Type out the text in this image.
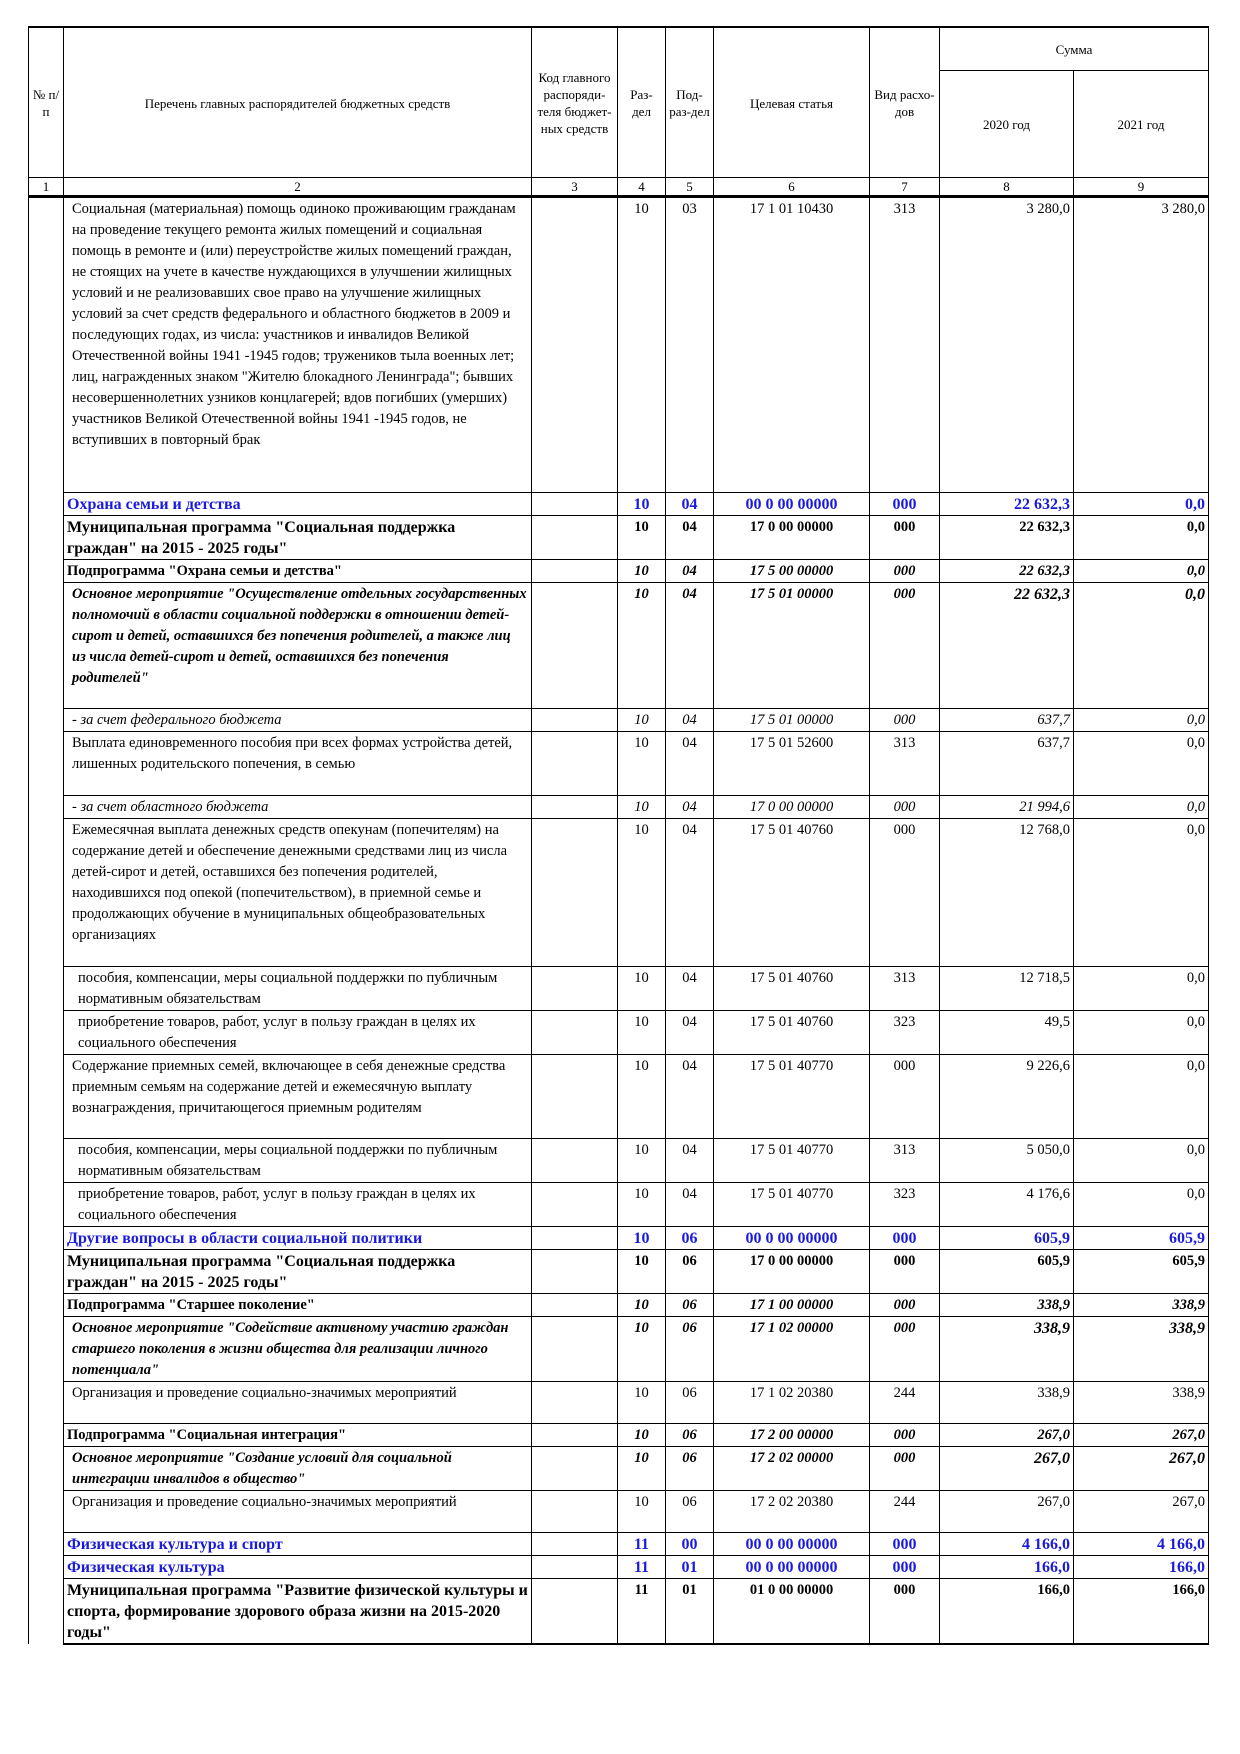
№ п/п	Перечень главных распорядителей бюджетных средств	Код главного распоряди-теля бюджет-ных средств	Раз-дел	Под-раз-дел	Целевая статья	Вид расхо-дов	Сумма	
							2020 год	2021 год
1	2	3	4	5	6	7	8	9
	Социальная (материальная) помощь одиноко проживающим гражданам на проведение текущего ремонта жилых помещений и социальная помощь в ремонте и (или) переустройстве жилых помещений граждан, не стоящих на учете в качестве нуждающихся в улучшении жилищных условий и не реализовавших свое право на улучшение жилищных условий за счет средств федерального и областного бюджетов в 2009 и последующих годах, из числа: участников и инвалидов Великой Отечественной войны 1941 -1945 годов; тружеников тыла военных лет; лиц, награжденных знаком "Жителю блокадного Ленинграда"; бывших несовершеннолетних узников концлагерей; вдов погибших (умерших) участников Великой Отечественной войны 1941 -1945 годов, не вступивших в повторный брак		10	03	17 1 01 10430	313	3 280,0	3 280,0
	Охрана семьи и детства		10	04	00 0 00 00000	000	22 632,3	0,0
	Муниципальная программа "Социальная поддержка граждан" на 2015 - 2025 годы"		10	04	17 0 00 00000	000	22 632,3	0,0
	Подпрограмма "Охрана семьи и детства"		10	04	17 5 00 00000	000	22 632,3	0,0
	Основное мероприятие "Осуществление отдельных государственных полномочий в области социальной поддержки в отношении детей-сирот и детей, оставшихся без попечения родителей, а также лиц из числа детей-сирот и детей, оставшихся без попечения родителей"		10	04	17 5 01 00000	000	22 632,3	0,0
	- за счет федерального бюджета		10	04	17 5 01 00000	000	637,7	0,0
	Выплата единовременного пособия при всех формах устройства детей, лишенных родительского попечения, в семью		10	04	17 5 01 52600	313	637,7	0,0
	- за счет областного бюджета		10	04	17 0 00 00000	000	21 994,6	0,0
	Ежемесячная выплата денежных средств опекунам (попечителям) на содержание детей и обеспечение денежными средствами лиц из числа детей-сирот и детей, оставшихся без попечения родителей, находившихся под опекой (попечительством), в приемной семье и продолжающих обучение в муниципальных общеобразовательных организациях		10	04	17 5 01 40760	000	12 768,0	0,0
	пособия, компенсации, меры социальной поддержки по публичным нормативным обязательствам		10	04	17 5 01 40760	313	12 718,5	0,0
	приобретение товаров, работ, услуг в пользу граждан в целях их социального обеспечения		10	04	17 5 01 40760	323	49,5	0,0
	Содержание приемных семей, включающее в себя денежные средства приемным семьям на содержание детей и ежемесячную выплату вознаграждения, причитающегося приемным родителям		10	04	17 5 01 40770	000	9 226,6	0,0
	пособия, компенсации, меры социальной поддержки по публичным нормативным обязательствам		10	04	17 5 01 40770	313	5 050,0	0,0
	приобретение товаров, работ, услуг в пользу граждан в целях их социального обеспечения		10	04	17 5 01 40770	323	4 176,6	0,0
	Другие вопросы в области социальной политики		10	06	00 0 00 00000	000	605,9	605,9
	Муниципальная программа "Социальная поддержка граждан" на 2015 - 2025 годы"		10	06	17 0 00 00000	000	605,9	605,9
	Подпрограмма "Старшее поколение"		10	06	17 1 00 00000	000	338,9	338,9
	Основное мероприятие "Содействие активному участию граждан старшего поколения в жизни общества для реализации личного потенциала"		10	06	17 1 02 00000	000	338,9	338,9
	Организация и проведение социально-значимых мероприятий		10	06	17 1 02 20380	244	338,9	338,9
	Подпрограмма "Социальная интеграция"		10	06	17 2 00 00000	000	267,0	267,0
	Основное мероприятие "Создание условий для социальной интеграции инвалидов в общество"		10	06	17 2 02 00000	000	267,0	267,0
	Организация и проведение социально-значимых мероприятий		10	06	17 2 02 20380	244	267,0	267,0
	Физическая культура и спорт		11	00	00 0 00 00000	000	4 166,0	4 166,0
	Физическая культура		11	01	00 0 00 00000	000	166,0	166,0
	Муниципальная программа "Развитие физической культуры и спорта, формирование здорового образа жизни на 2015-2020 годы"		11	01	01 0 00 00000	000	166,0	166,0
